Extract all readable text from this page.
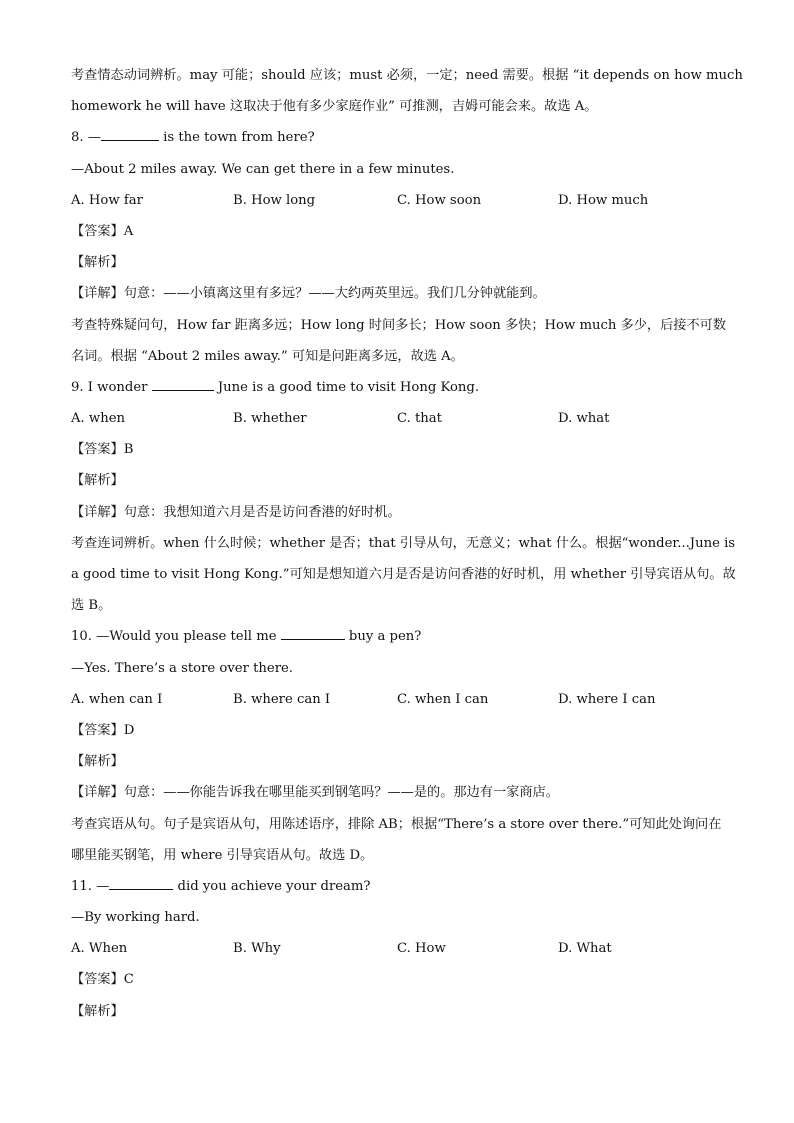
考查情态动词辨析。may 可能；should 应该；must 必须，一定；need 需要。根据 “it depends on how much
homework he will have 这取决于他有多少家庭作业” 可推测，吉姆可能会来。故选 A。
8. —	is the town from here?
—About 2 miles away. We can get there in a few minutes.
A. How far	B. How long	C. How soon	D. How much
【答案】A
【解析】
【详解】句意：——小镇离这里有多远？——大约两英里远。我们几分钟就能到。
考查特殊疑问句，How far 距离多远；How long 时间多长；How soon 多快；How much 多少，后接不可数
名词。根据 “About 2 miles away.” 可知是问距离多远，故选 A。
9. I wonder	June is a good time to visit Hong Kong.
A. when	B. whether	C. that	D. what
【答案】B
【解析】
【详解】句意：我想知道六月是否是访问香港的好时机。
考查连词辨析。when 什么时候；whether 是否；that 引导从句，无意义；what 什么。根据“wonder...June is
a good time to visit Hong Kong.”可知是想知道六月是否是访问香港的好时机，用 whether 引导宾语从句。故
选 B。
10. —Would you please tell me	buy a pen?
—Yes. There’s a store over there.
A. when can I	B. where can I	C. when I can	D. where I can
【答案】D
【解析】
【详解】句意：——你能告诉我在哪里能买到钢笔吗？——是的。那边有一家商店。
考查宾语从句。句子是宾语从句，用陈述语序，排除 AB；根据“There’s a store over there.”可知此处询问在
哪里能买钢笔，用 where 引导宾语从句。故选 D。
11. —	did you achieve your dream?
—By working hard.
A. When	B. Why	C. How	D. What
【答案】C
【解析】
